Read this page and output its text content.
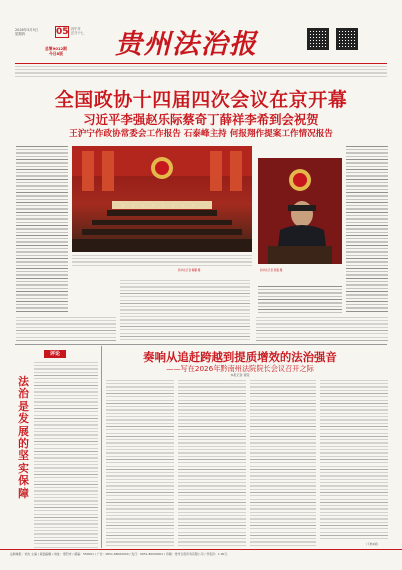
2026年3月5日
星期四	05 丙午年
正月十七
总第9012期
今日8版 贵州法治报
全国政协十四届四次会议在京开幕
习近平李强赵乐际蔡奇丁薛祥李希到会祝贺
王沪宁作政协常委会工作报告 石泰峰主持 何报翔作提案工作情况报告
新华社记者 燕雁 摄
新华社记者 鞠鹏 摄
奏响从追赶跨越到提质增效的法治强音
——写在2026年黔南州法院院长会议召开之际
本报记者 谭莹
评论
法治是发展的坚实保障
(下转2版)
法制晚报：刘杰 主编 / 版面编辑 / 地址：贵阳市 / 邮编：550001 / 广告：0851-86000000 / 发行：0851-86000001 / 印刷：贵州日报印务有限公司 / 零售价：1.00元
